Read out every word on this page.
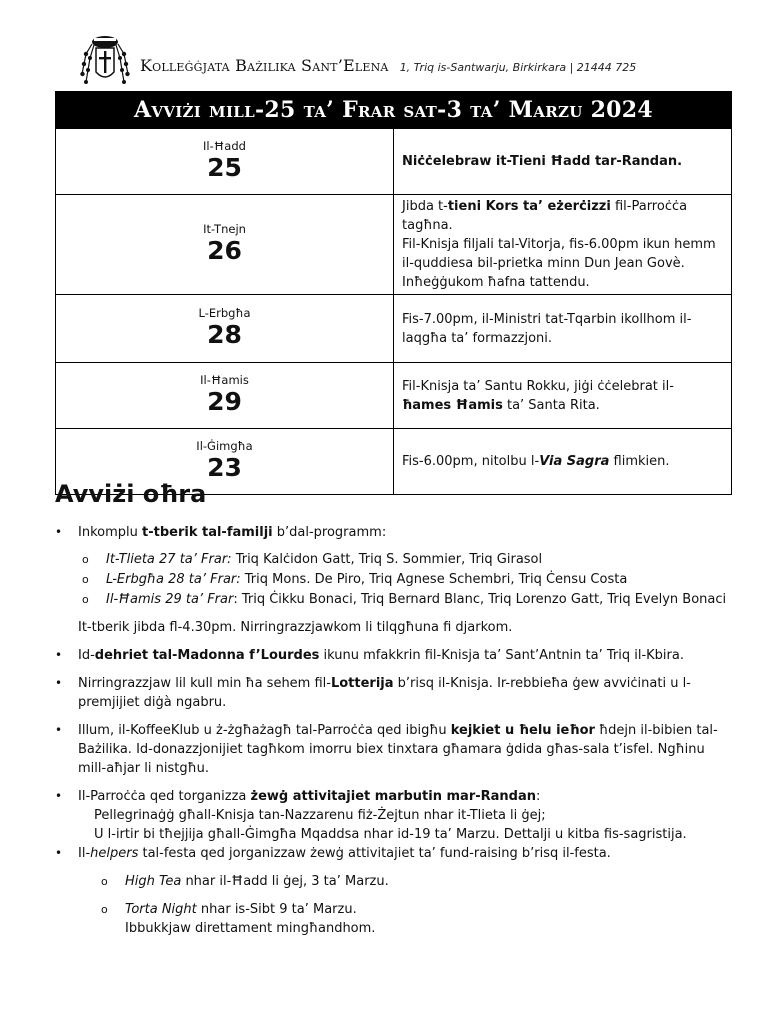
Kolleġġjata Bażilika Sant’Elena 1, Triq is-Santwarju, Birkirkara | 21444 725
Avviżi mill-25 ta’ Frar sat-3 ta’ Marzu 2024	

Il-Ħadd
25	Niċċelebraw it-Tieni Ħadd tar-Randan.

It-Tnejn
26	Jibda t-tieni Kors ta’ eżerċizzi fil-Parroċċa tagħna.
Fil-Knisja filjali tal-Vitorja, fis-6.00pm ikun hemm il-quddiesa bil-prietka minn Dun Jean Govè. Inħeġġukom ħafna tattendu.

L-Erbgħa
28	Fis-7.00pm, il-Ministri tat-Tqarbin ikollhom il-laqgħa ta’ formazzjoni.

Il-Ħamis
29	Fil-Knisja ta’ Santu Rokku, jiġi ċċelebrat il-ħames Ħamis ta’ Santa Rita.

Il-Ġimgħa
23	Fis-6.00pm, nitolbu l-Via Sagra flimkien.
Avviżi oħra
• Inkomplu t-tberik tal-familji b’dal-programm:
o It-Tlieta 27 ta’ Frar: Triq Kalċidon Gatt, Triq S. Sommier, Triq Girasol
o L-Erbgħa 28 ta’ Frar: Triq Mons. De Piro, Triq Agnese Schembri, Triq Ċensu Costa
o Il-Ħamis 29 ta’ Frar: Triq Ċikku Bonaci, Triq Bernard Blanc, Triq Lorenzo Gatt, Triq Evelyn Bonaci
It-tberik jibda fl-4.30pm. Nirringrazzjawkom li tilqgħuna fi djarkom.
• Id-dehriet tal-Madonna f’Lourdes ikunu mfakkrin fil-Knisja ta’ Sant’Antnin ta’ Triq il-Kbira.
• Nirringrazzjaw lil kull min ħa sehem fil-Lotterija b’risq il-Knisja. Ir-rebbieħa ġew avviċinati u l-premjijiet diġà ngabru.
• Illum, il-KoffeeKlub u ż-żgħażagħ tal-Parroċċa qed ibigħu kejkiet u ħelu ieħor ħdejn il-bibien tal-Bażilika. Id-donazzjonijiet tagħkom imorru biex tinxtara għamara ġdida għas-sala t’isfel. Ngħinu mill-aħjar li nistgħu.
• Il-Parroċċa qed torganizza żewġ attivitajiet marbutin mar-Randan:
Pellegrinaġġ għall-Knisja tan-Nazzarenu fiż-Żejtun nhar it-Tlieta li ġej;
U l-irtir bi tħejjija għall-Ġimgħa Mqaddsa nhar id-19 ta’ Marzu. Dettalji u kitba fis-sagristija.
• Il-helpers tal-festa qed jorganizzaw żewġ attivitajiet ta’ fund-raising b’risq il-festa.
o High Tea nhar il-Ħadd li ġej, 3 ta’ Marzu.
o Torta Night nhar is-Sibt 9 ta’ Marzu.
Ibbukkjaw direttament mingħandhom.
